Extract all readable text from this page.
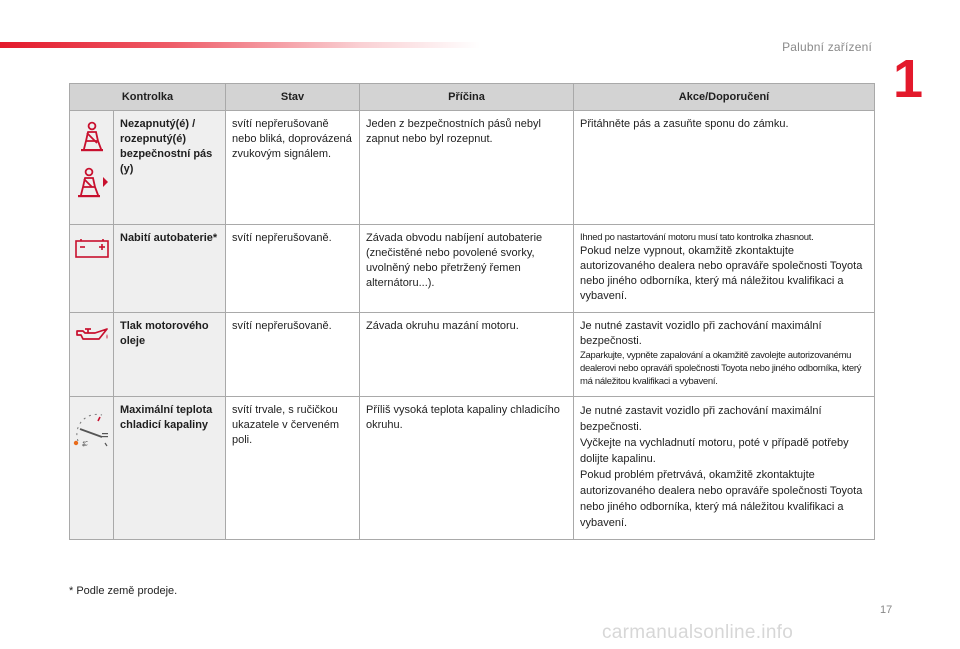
Palubní zařízení
1
Kontrolka		Stav	Příčina	Akce/Doporučení

	Nezapnutý(é) / rozepnutý(é) bezpečnostní pás (y)	svítí nepřerušovaně nebo bliká, doprovázená zvukovým signálem.	Jeden z bezpečnostních pásů nebyl zapnut nebo byl rozepnut.	Přitáhněte pás a zasuňte sponu do zámku.

	Nabití autobaterie*	svítí nepřerušovaně.	Závada obvodu nabíjení autobaterie (znečistěné nebo povolené svorky, uvolněný nebo přetržený řemen alternátoru...).	Ihned po nastartování motoru musí tato kontrolka zhasnout.
Pokud nelze vypnout, okamžitě zkontaktujte autorizovaného dealera nebo opraváře společnosti Toyota nebo jiného odborníka, který má náležitou kvalifikaci a vybavení.

	Tlak motorového oleje	svítí nepřerušovaně.	Závada okruhu mazání motoru.	Je nutné zastavit vozidlo při zachování maximální bezpečnosti.
Zaparkujte, vypněte zapalování a okamžitě zavolejte autorizovanému dealerovi nebo opraváři společnosti Toyota nebo jiného odborníka, který má náležitou kvalifikaci a vybavení.

ፚ	Maximální teplota chladicí kapaliny	svítí trvale, s ručičkou ukazatele v červeném poli.	Příliš vysoká teplota kapaliny chladicího okruhu.	Je nutné zastavit vozidlo při zachování maximální bezpečnosti.
Vyčkejte na vychladnutí motoru, poté v případě potřeby dolijte kapalinu.
Pokud problém přetrvává, okamžitě zkontaktujte autorizovaného dealera nebo opraváře společnosti Toyota nebo jiného odborníka, který má náležitou kvalifikaci a vybavení.
* Podle země prodeje.
17
carmanualsonline.info
